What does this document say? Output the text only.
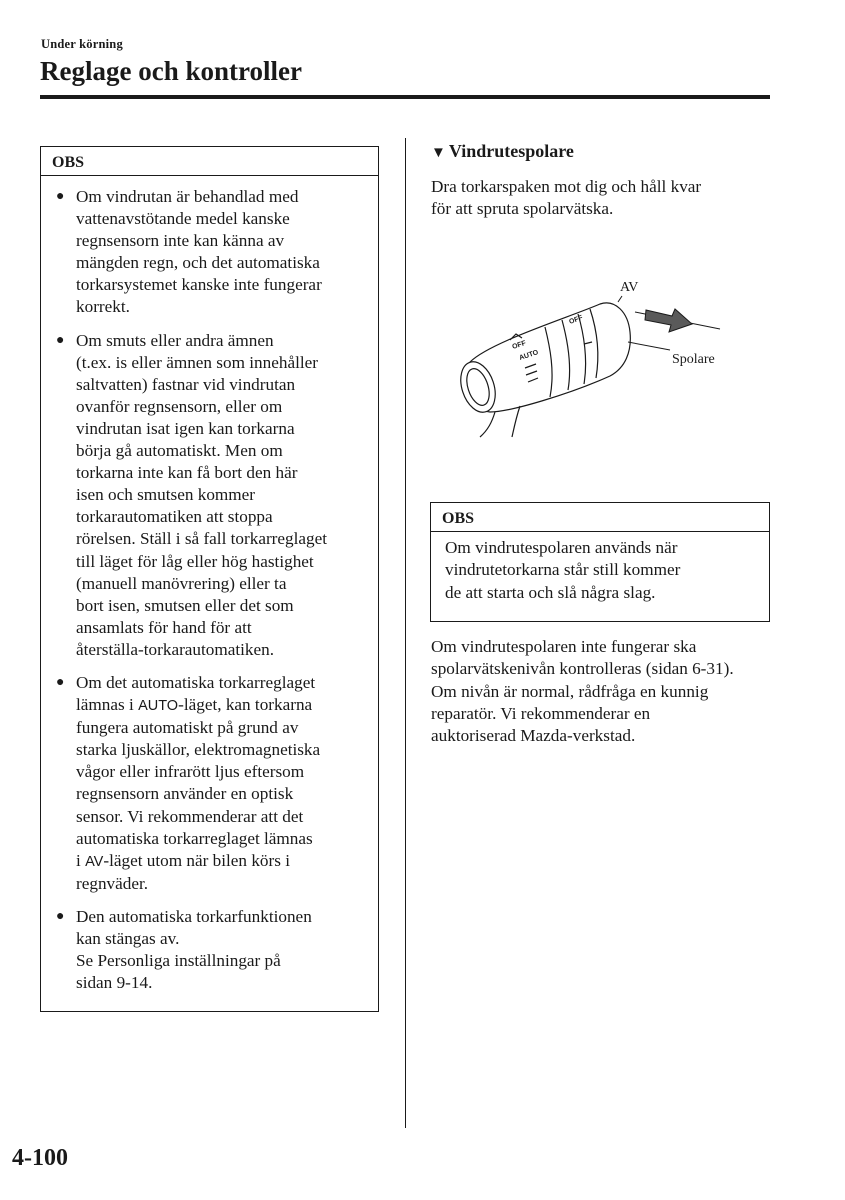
Under körning
Reglage och kontroller
OBS
● Om vindrutan är behandlad med
vattenavstötande medel kanske
regnsensorn inte kan känna av
mängden regn, och det automatiska
torkarsystemet kanske inte fungerar
korrekt.
● Om smuts eller andra ämnen
(t.ex. is eller ämnen som innehåller
saltvatten) fastnar vid vindrutan
ovanför regnsensorn, eller om
vindrutan isat igen kan torkarna
börja gå automatiskt. Men om
torkarna inte kan få bort den här
isen och smutsen kommer
torkarautomatiken att stoppa
rörelsen. Ställ i så fall torkarreglaget
till läget för låg eller hög hastighet
(manuell manövrering) eller ta
bort isen, smutsen eller det som
ansamlats för hand för att
återställa-torkarautomatiken.
● Om det automatiska torkarreglaget
lämnas i AUTO-läget, kan torkarna
fungera automatiskt på grund av
starka ljuskällor, elektromagnetiska
vågor eller infrarött ljus eftersom
regnsensorn använder en optisk
sensor. Vi rekommenderar att det
automatiska torkarreglaget lämnas
i AV-läget utom när bilen körs i
regnväder.
● Den automatiska torkarfunktionen
kan stängas av.
Se Personliga inställningar på
sidan 9-14.
▼ Vindrutespolare

Dra torkarspaken mot dig och håll kvar
för att spruta spolarvätska.

OFF
AUTO
OFF
AV
Spolare
OBS
Om vindrutespolaren används när
vindrutetorkarna står still kommer
de att starta och slå några slag.

Om vindrutespolaren inte fungerar ska
spolarvätskenivån kontrolleras (sidan 6-31).
Om nivån är normal, rådfråga en kunnig
reparatör. Vi rekommenderar en
auktoriserad Mazda-verkstad.

4-100
